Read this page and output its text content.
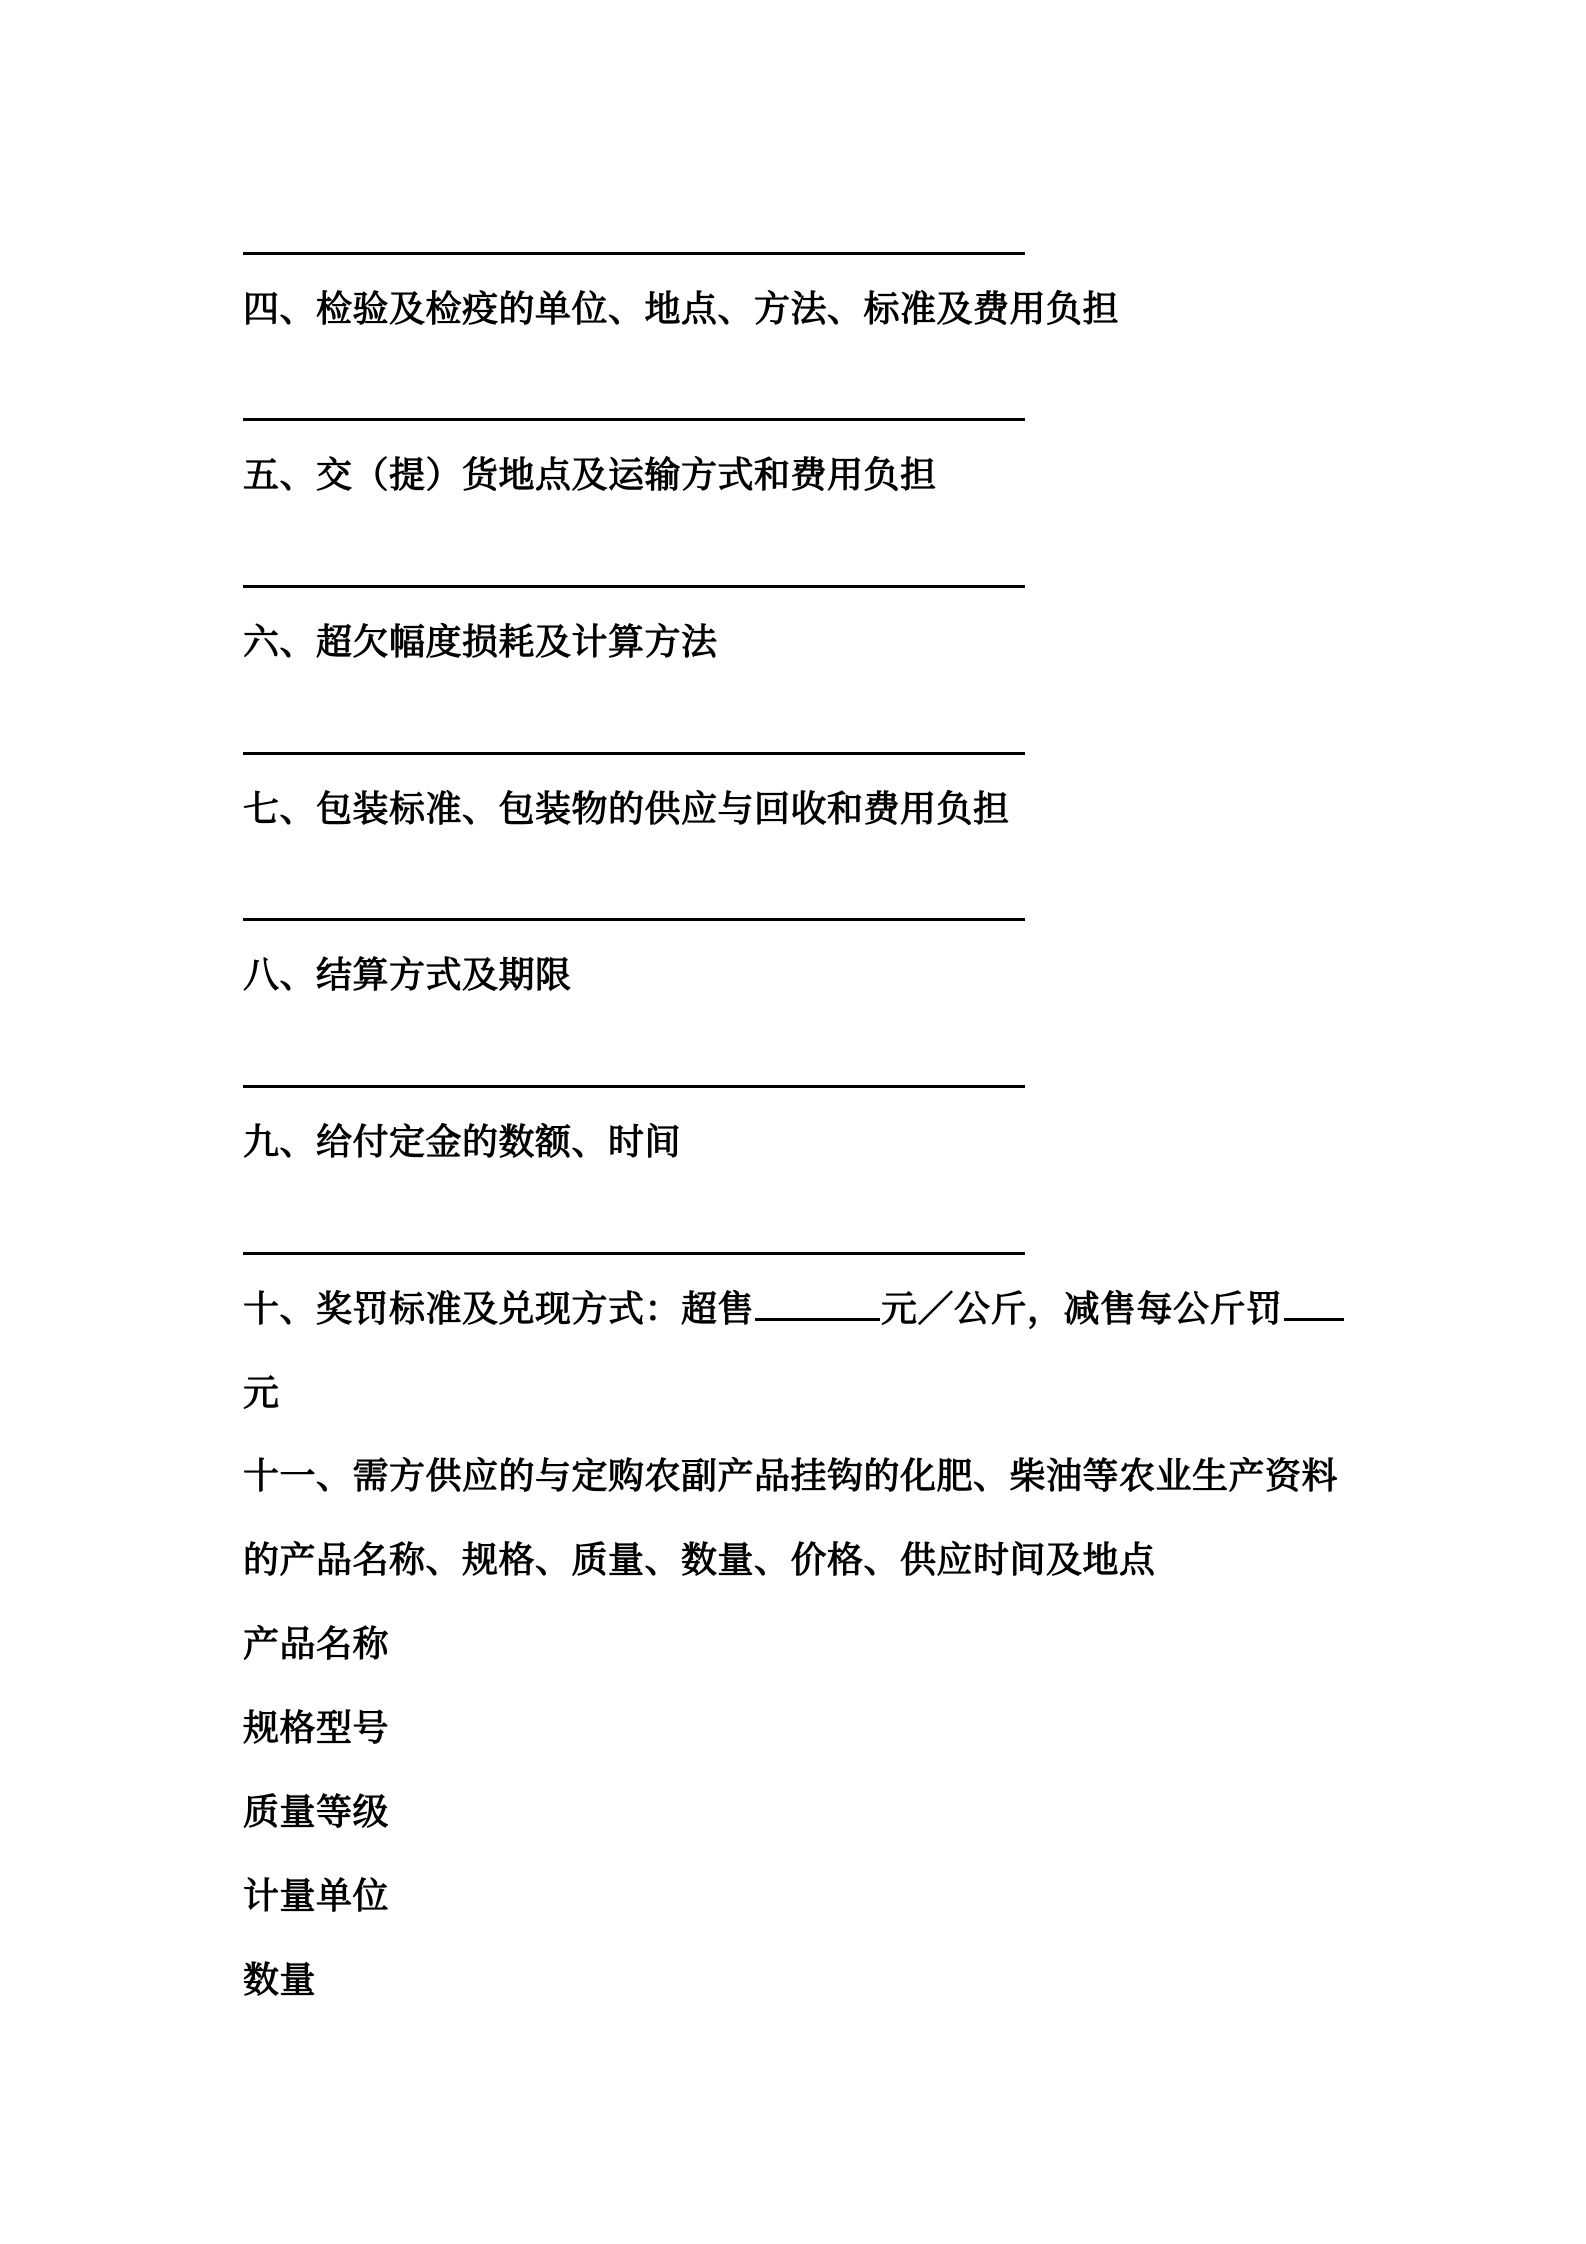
四、检验及检疫的单位、地点、方法、标准及费用负担
五、交（提）货地点及运输方式和费用负担
六、超欠幅度损耗及计算方法
七、包装标准、包装物的供应与回收和费用负担
八、结算方式及期限
九、给付定金的数额、时间
十、奖罚标准及兑现方式：超售	元／公斤，减售每公斤罚
元
十一、需方供应的与定购农副产品挂钩的化肥、柴油等农业生产资料
的产品名称、规格、质量、数量、价格、供应时间及地点
产品名称
规格型号
质量等级
计量单位
数量
